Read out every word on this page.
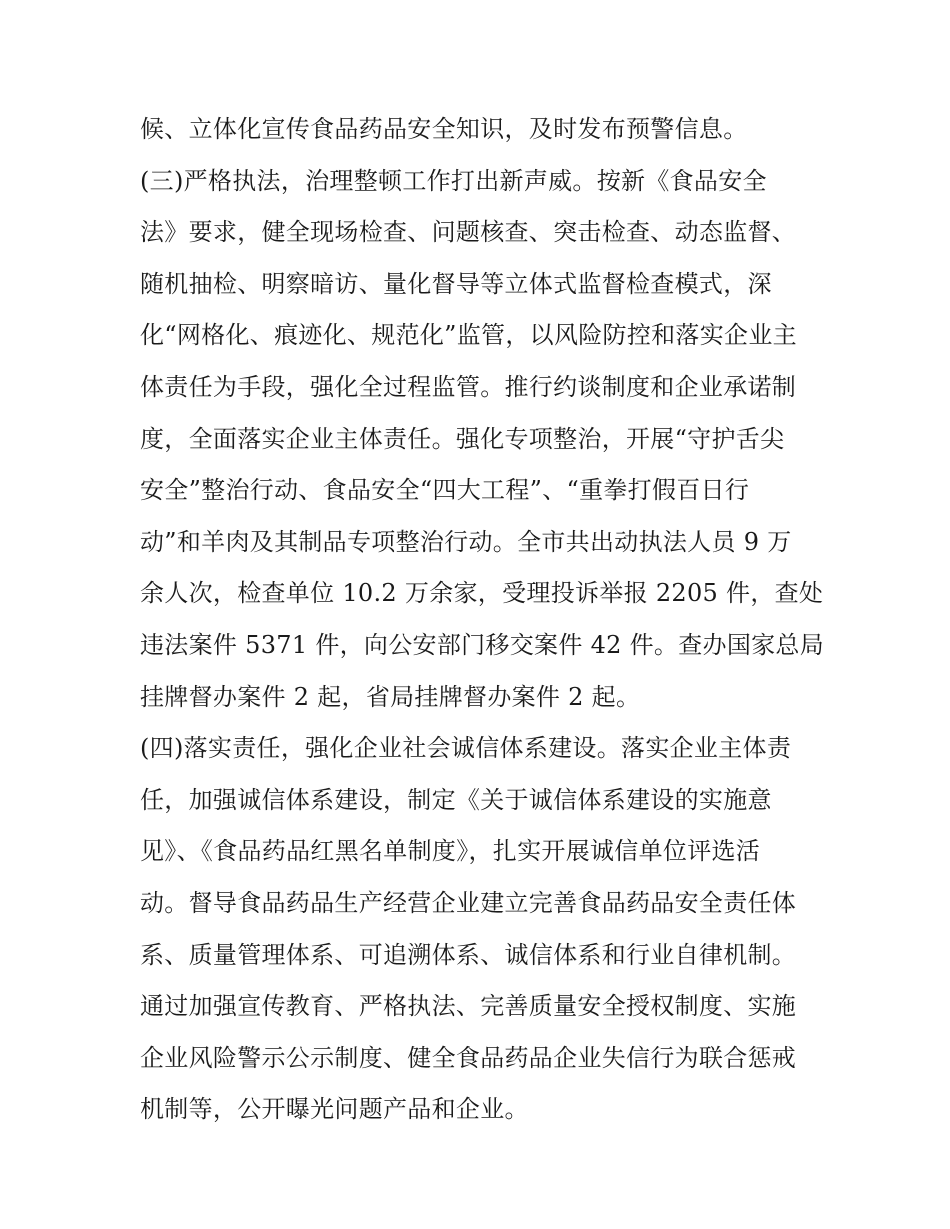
候、立体化宣传食品药品安全知识，及时发布预警信息。
(三)严格执法，治理整顿工作打出新声威。按新《食品安全
法》要求，健全现场检查、问题核查、突击检查、动态监督、
随机抽检、明察暗访、量化督导等立体式监督检查模式，深
化“网格化、痕迹化、规范化”监管，以风险防控和落实企业主
体责任为手段，强化全过程监管。推行约谈制度和企业承诺制
度，全面落实企业主体责任。强化专项整治，开展“守护舌尖
安全”整治行动、食品安全“四大工程”、“重拳打假百日行
动”和羊肉及其制品专项整治行动。全市共出动执法人员 9 万
余人次，检查单位 10.2 万余家，受理投诉举报 2205 件，查处
违法案件 5371 件，向公安部门移交案件 42 件。查办国家总局
挂牌督办案件 2 起，省局挂牌督办案件 2 起。
(四)落实责任，强化企业社会诚信体系建设。落实企业主体责
任，加强诚信体系建设，制定《关于诚信体系建设的实施意
见》、《食品药品红黑名单制度》，扎实开展诚信单位评选活
动。督导食品药品生产经营企业建立完善食品药品安全责任体
系、质量管理体系、可追溯体系、诚信体系和行业自律机制。
通过加强宣传教育、严格执法、完善质量安全授权制度、实施
企业风险警示公示制度、健全食品药品企业失信行为联合惩戒
机制等，公开曝光问题产品和企业。
